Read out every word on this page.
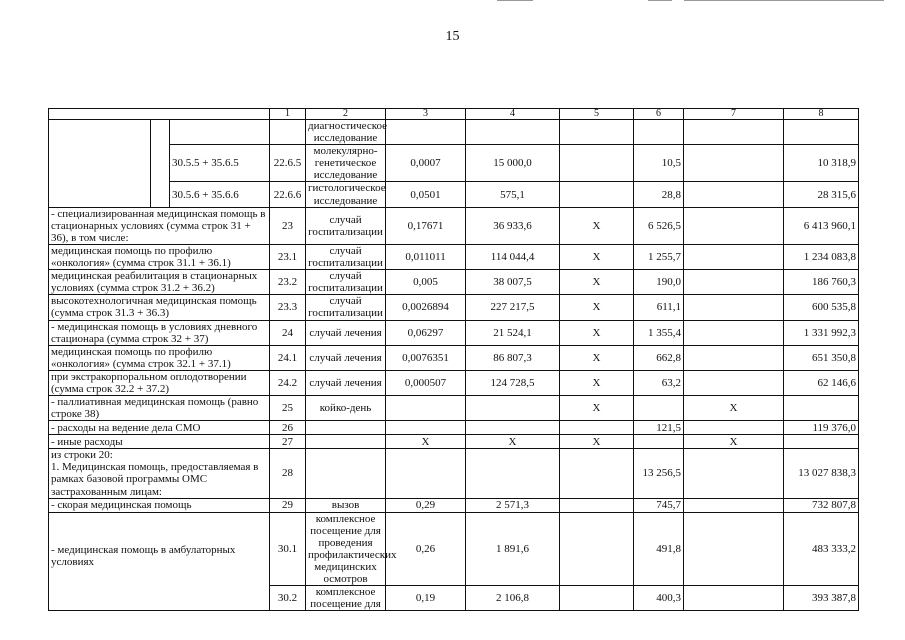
15
			1	2	3	4	5	6	7	8	
				диагностическое исследование							
		30.5.5 + 35.6.5	22.6.5	молекулярно-генетическое исследование	0,0007	15 000,0		10,5		10 318,9	
		30.5.6 + 35.6.6	22.6.6	гистологическое исследование	0,0501	575,1		28,8		28 315,6	
- специализированная медицинская помощь в стационарных условиях (сумма строк 31 + 36), в том числе:			23	случай госпитализации	0,17671	36 933,6	X	6 526,5		6 413 960,1	
медицинская помощь по профилю «онкология» (сумма строк 31.1 + 36.1)			23.1	случай госпитализации	0,011011	114 044,4	X	1 255,7		1 234 083,8	
медицинская реабилитация в стационарных условиях (сумма строк 31.2 + 36.2)			23.2	случай госпитализации	0,005	38 007,5	X	190,0		186 760,3	
высокотехнологичная медицинская помощь (сумма строк 31.3 + 36.3)			23.3	случай госпитализации	0,0026894	227 217,5	X	611,1		600 535,8	
- медицинская помощь в условиях дневного стационара (сумма строк 32 + 37)			24	случай лечения	0,06297	21 524,1	X	1 355,4		1 331 992,3	
медицинская помощь по профилю «онкология» (сумма строк 32.1 + 37.1)			24.1	случай лечения	0,0076351	86 807,3	X	662,8		651 350,8	
при экстракорпоральном оплодотворении (сумма строк 32.2 + 37.2)			24.2	случай лечения	0,000507	124 728,5	X	63,2		62 146,6	
- паллиативная медицинская помощь (равно строке 38)			25	койко-день			X		X		
- расходы на ведение дела СМО			26					121,5		119 376,0	
- иные расходы			27		X	X	X		X		
из строки 20:
1. Медицинская помощь, предоставляемая в рамках базовой программы ОМС застрахованным лицам:			28					13 256,5		13 027 838,3	
- скорая медицинская помощь			29	вызов	0,29	2 571,3		745,7		732 807,8	
- медицинская помощь в амбулаторных условиях			30.1	комплексное посещение для проведения профилактических медицинских осмотров	0,26	1 891,6		491,8		483 333,2	
			30.2	комплексное посещение для	0,19	2 106,8		400,3		393 387,8	
